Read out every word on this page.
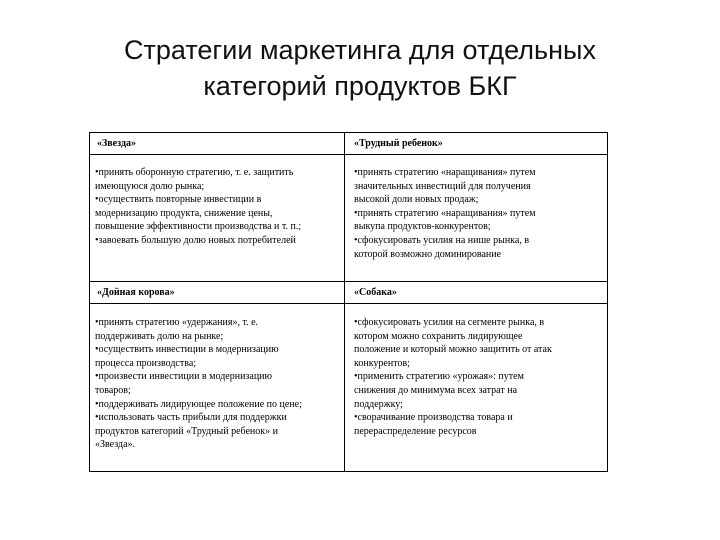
Стратегии маркетинга для отдельных
категорий продуктов БКГ
«Звезда»
•принять оборонную стратегию, т. е. защитить
имеющуюся долю рынка;
•осуществить повторные инвестиции в
модернизацию продукта, снижение цены,
повышение эффективности производства и т. п.;
•завоевать большую долю новых потребителей
«Трудный ребенок»
•принять стратегию «наращивания» путем
значительных инвестиций для получения
высокой доли новых продаж;
•принять стратегию «наращивания» путем
выкупа продуктов-конкурентов;
•сфокусировать усилия на нише рынка, в
которой возможно доминирование
«Дойная корова»
•принять стратегию «удержания», т. е.
поддерживать долю на рынке;
•осуществить инвестиции в модернизацию
процесса производства;
•произвести инвестиции в модернизацию
товаров;
•поддерживать лидирующее положение по цене;
•использовать часть прибыли для поддержки
продуктов категорий «Трудный ребенок» и
«Звезда».
«Собака»
•сфокусировать усилия на сегменте рынка, в
котором можно сохранить лидирующее
положение и который можно защитить от атак
конкурентов;
•применить стратегию «урожая»: путем
снижения до минимума всех затрат на
поддержку;
•сворачивание производства товара и
перераспределение ресурсов
